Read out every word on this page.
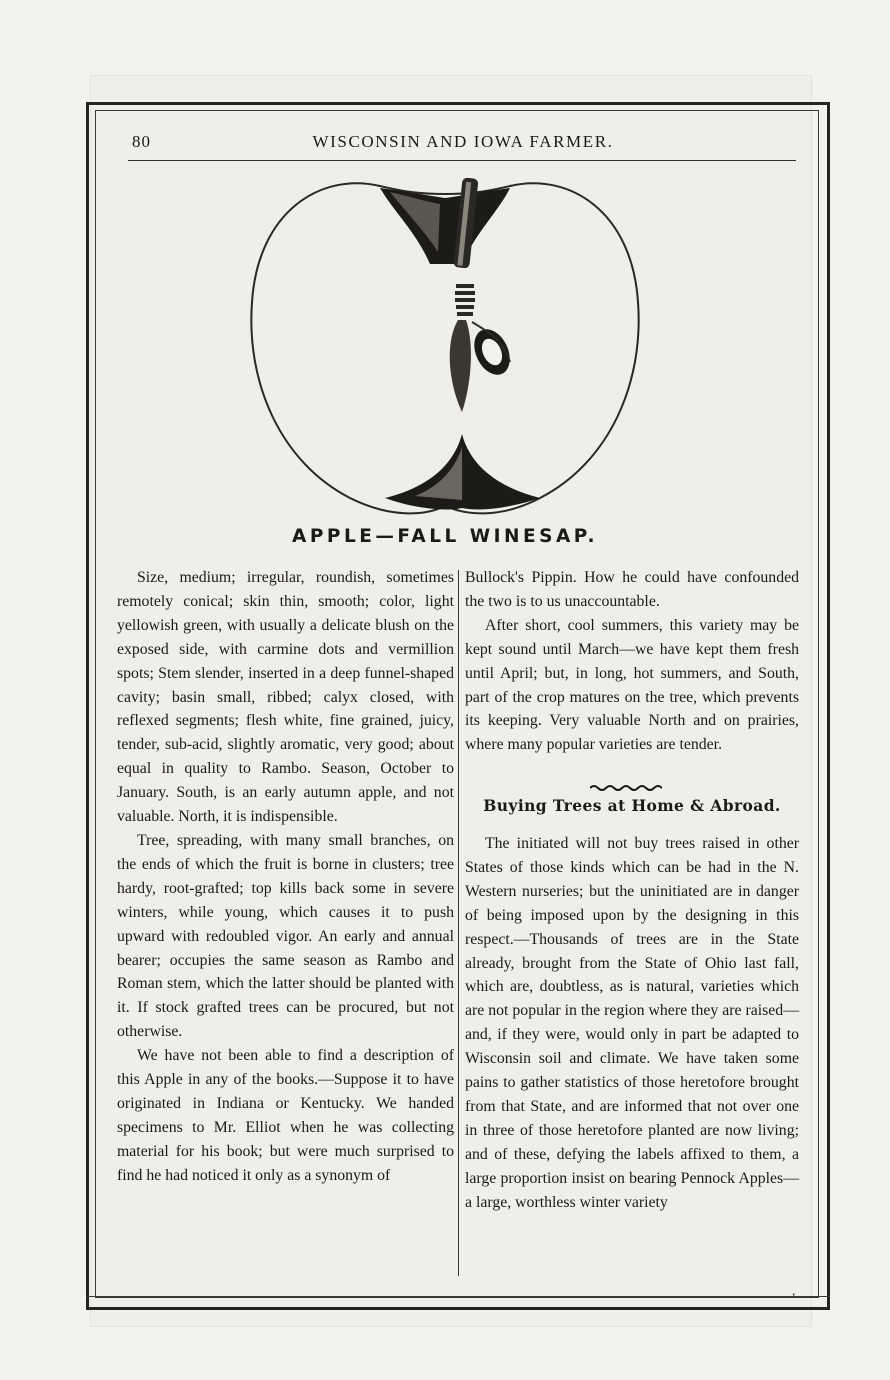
80	WISCONSIN AND IOWA FARMER.
APPLE—FALL WINESAP.

Size, medium; irregular, roundish, sometimes remotely conical; skin thin, smooth; color, light yellowish green, with usually a delicate blush on the exposed side, with carmine dots and vermillion spots; Stem slender, inserted in a deep funnel-shaped cavity; basin small, ribbed; calyx closed, with reflexed segments; flesh white, fine grained, juicy, tender, sub-acid, slightly aromatic, very good; about equal in quality to Rambo. Season, October to January. South, is an early autumn apple, and not valuable. North, it is indispensible.

Tree, spreading, with many small branches, on the ends of which the fruit is borne in clusters; tree hardy, root-grafted; top kills back some in severe winters, while young, which causes it to push upward with redoubled vigor. An early and annual bearer; occupies the same season as Rambo and Roman stem, which the latter should be planted with it. If stock grafted trees can be procured, but not otherwise.

We have not been able to find a description of this Apple in any of the books.—Suppose it to have originated in Indiana or Kentucky. We handed specimens to Mr. Elliot when he was collecting material for his book; but were much surprised to find he had noticed it only as a synonym of

Bullock's Pippin. How he could have confounded the two is to us unaccountable.

After short, cool summers, this variety may be kept sound until March—we have kept them fresh until April; but, in long, hot summers, and South, part of the crop matures on the tree, which prevents its keeping. Very valuable North and on prairies, where many popular varieties are tender.

Buying Trees at Home & Abroad.

The initiated will not buy trees raised in other States of those kinds which can be had in the N. Western nurseries; but the uninitiated are in danger of being imposed upon by the designing in this respect.—Thousands of trees are in the State already, brought from the State of Ohio last fall, which are, doubtless, as is natural, varieties which are not popular in the region where they are raised—and, if they were, would only in part be adapted to Wisconsin soil and climate. We have taken some pains to gather statistics of those heretofore brought from that State, and are informed that not over one in three of those heretofore planted are now living; and of these, defying the labels affixed to them, a large proportion insist on bearing Pennock Apples—a large, worthless winter variety

,
